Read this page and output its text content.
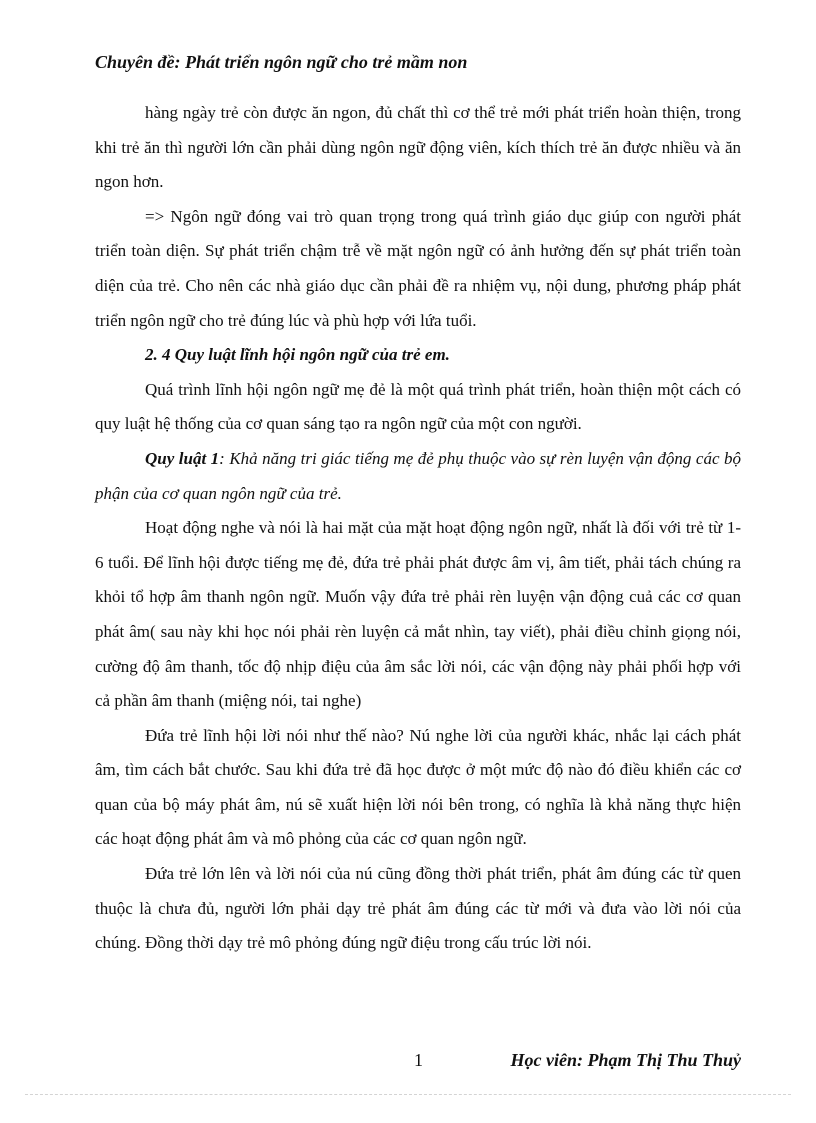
Chuyên đề: Phát triển ngôn ngữ cho trẻ mầm non

hàng ngày trẻ còn được ăn ngon, đủ chất thì cơ thể trẻ mới phát triển hoàn thiện, trong khi trẻ ăn thì người lớn cần phải dùng ngôn ngữ động viên, kích thích trẻ ăn được nhiều và ăn ngon hơn.

=> Ngôn ngữ đóng vai trò quan trọng trong quá trình giáo dục giúp con người phát triển toàn diện. Sự phát triển chậm trễ về mặt ngôn ngữ có ảnh hưởng đến sự phát triển toàn diện của trẻ. Cho nên các nhà giáo dục cần phải đề ra nhiệm vụ, nội dung, phương pháp phát triển ngôn ngữ cho trẻ đúng lúc và phù hợp với lứa tuổi.

2. 4 Quy luật lĩnh hội ngôn ngữ của trẻ em.

Quá trình lĩnh hội ngôn ngữ mẹ đẻ là một quá trình phát triển, hoàn thiện một cách có quy luật hệ thống của cơ quan sáng tạo ra ngôn ngữ của một con người.

Quy luật 1: Khả năng tri giác tiếng mẹ đẻ phụ thuộc vào sự rèn luyện vận động các bộ phận của cơ quan ngôn ngữ của trẻ.

Hoạt động nghe và nói là hai mặt của mặt hoạt động ngôn ngữ, nhất là đối với trẻ từ 1- 6 tuổi. Để lĩnh hội được tiếng mẹ đẻ, đứa trẻ phải phát được âm vị, âm tiết, phải tách chúng ra khỏi tổ hợp âm thanh ngôn ngữ. Muốn vậy đứa trẻ phải rèn luyện vận động cuả các cơ quan phát âm( sau này khi học nói phải rèn luyện cả mắt nhìn, tay viết), phải điều chỉnh giọng nói, cường độ âm thanh, tốc độ nhịp điệu của âm sắc lời nói, các vận động này phải phối hợp với cả phần âm thanh (miệng nói, tai nghe)

Đứa trẻ lĩnh hội lời nói như thế nào? Nú nghe lời của người khác, nhắc lại cách phát âm, tìm cách bắt chước. Sau khi đứa trẻ đã học được ở một mức độ nào đó điều khiển các cơ quan của bộ máy phát âm, nú sẽ xuất hiện lời nói bên trong, có nghĩa là khả năng thực hiện các hoạt động phát âm và mô phỏng của các cơ quan ngôn ngữ.

Đứa trẻ lớn lên và lời nói của nú cũng đồng thời phát triển, phát âm đúng các từ quen thuộc là chưa đủ, người lớn phải dạy trẻ phát âm đúng các từ mới và đưa vào lời nói của chúng. Đồng thời dạy trẻ mô phỏng đúng ngữ điệu trong cấu trúc lời nói.

1	Học viên: Phạm Thị Thu Thuỷ
